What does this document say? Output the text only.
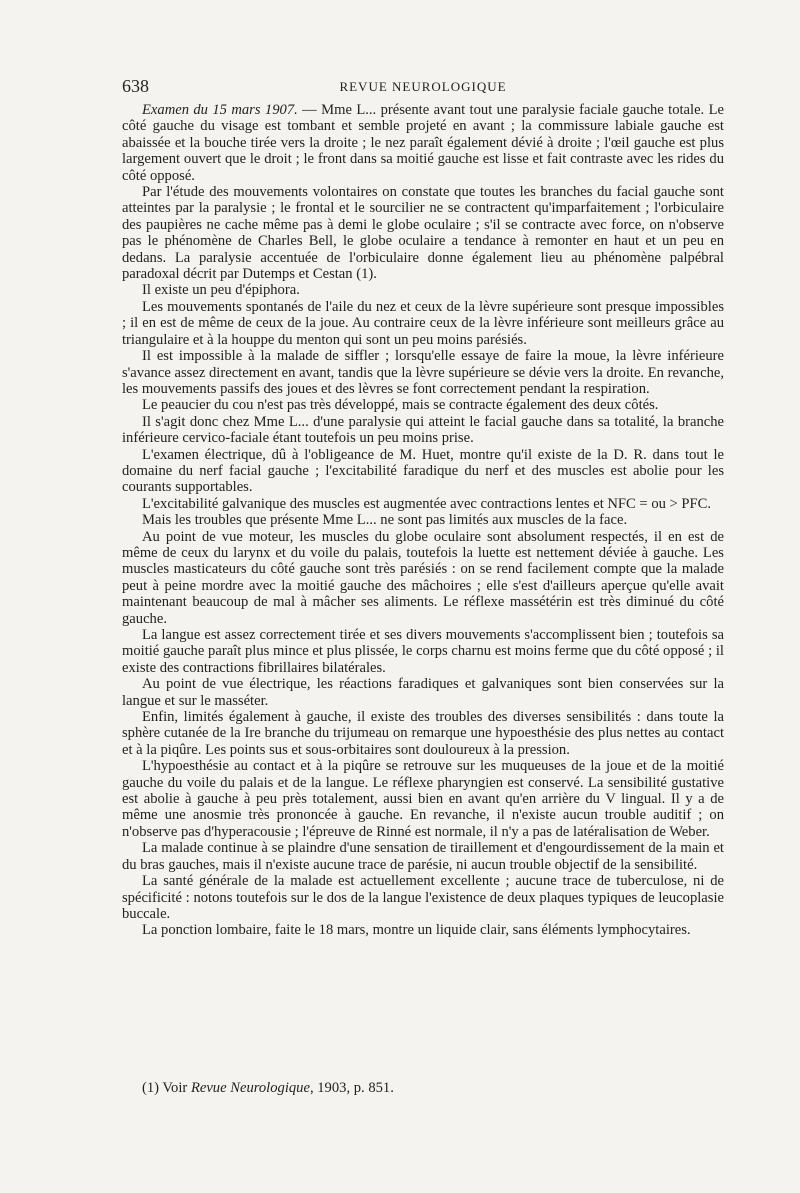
638	REVUE NEUROLOGIQUE

Examen du 15 mars 1907. — Mme L... présente avant tout une paralysie faciale gauche totale. Le côté gauche du visage est tombant et semble projeté en avant ; la commissure labiale gauche est abaissée et la bouche tirée vers la droite ; le nez paraît également dévié à droite ; l'œil gauche est plus largement ouvert que le droit ; le front dans sa moitié gauche est lisse et fait contraste avec les rides du côté opposé.

Par l'étude des mouvements volontaires on constate que toutes les branches du facial gauche sont atteintes par la paralysie ; le frontal et le sourcilier ne se contractent qu'imparfaitement ; l'orbiculaire des paupières ne cache même pas à demi le globe oculaire ; s'il se contracte avec force, on n'observe pas le phénomène de Charles Bell, le globe oculaire a tendance à remonter en haut et un peu en dedans. La paralysie accentuée de l'orbiculaire donne également lieu au phénomène palpébral paradoxal décrit par Dutemps et Cestan (1).

Il existe un peu d'épiphora.

Les mouvements spontanés de l'aile du nez et ceux de la lèvre supérieure sont presque impossibles ; il en est de même de ceux de la joue. Au contraire ceux de la lèvre inférieure sont meilleurs grâce au triangulaire et à la houppe du menton qui sont un peu moins parésiés.

Il est impossible à la malade de siffler ; lorsqu'elle essaye de faire la moue, la lèvre inférieure s'avance assez directement en avant, tandis que la lèvre supérieure se dévie vers la droite. En revanche, les mouvements passifs des joues et des lèvres se font correctement pendant la respiration.

Le peaucier du cou n'est pas très développé, mais se contracte également des deux côtés.

Il s'agit donc chez Mme L... d'une paralysie qui atteint le facial gauche dans sa totalité, la branche inférieure cervico-faciale étant toutefois un peu moins prise.

L'examen électrique, dû à l'obligeance de M. Huet, montre qu'il existe de la D. R. dans tout le domaine du nerf facial gauche ; l'excitabilité faradique du nerf et des muscles est abolie pour les courants supportables.

L'excitabilité galvanique des muscles est augmentée avec contractions lentes et NFC = ou > PFC.

Mais les troubles que présente Mme L... ne sont pas limités aux muscles de la face.

Au point de vue moteur, les muscles du globe oculaire sont absolument respectés, il en est de même de ceux du larynx et du voile du palais, toutefois la luette est nettement déviée à gauche. Les muscles masticateurs du côté gauche sont très parésiés : on se rend facilement compte que la malade peut à peine mordre avec la moitié gauche des mâchoires ; elle s'est d'ailleurs aperçue qu'elle avait maintenant beaucoup de mal à mâcher ses aliments. Le réflexe massétérin est très diminué du côté gauche.

La langue est assez correctement tirée et ses divers mouvements s'accomplissent bien ; toutefois sa moitié gauche paraît plus mince et plus plissée, le corps charnu est moins ferme que du côté opposé ; il existe des contractions fibrillaires bilatérales.

Au point de vue électrique, les réactions faradiques et galvaniques sont bien conservées sur la langue et sur le masséter.

Enfin, limités également à gauche, il existe des troubles des diverses sensibilités : dans toute la sphère cutanée de la Ire branche du trijumeau on remarque une hypoesthésie des plus nettes au contact et à la piqûre. Les points sus et sous-orbitaires sont douloureux à la pression.

L'hypoesthésie au contact et à la piqûre se retrouve sur les muqueuses de la joue et de la moitié gauche du voile du palais et de la langue. Le réflexe pharyngien est conservé. La sensibilité gustative est abolie à gauche à peu près totalement, aussi bien en avant qu'en arrière du V lingual. Il y a de même une anosmie très prononcée à gauche. En revanche, il n'existe aucun trouble auditif ; on n'observe pas d'hyperacousie ; l'épreuve de Rinné est normale, il n'y a pas de latéralisation de Weber.

La malade continue à se plaindre d'une sensation de tiraillement et d'engourdissement de la main et du bras gauches, mais il n'existe aucune trace de parésie, ni aucun trouble objectif de la sensibilité.

La santé générale de la malade est actuellement excellente ; aucune trace de tuberculose, ni de spécificité : notons toutefois sur le dos de la langue l'existence de deux plaques typiques de leucoplasie buccale.

La ponction lombaire, faite le 18 mars, montre un liquide clair, sans éléments lymphocytaires.

(1) Voir Revue Neurologique, 1903, p. 851.
